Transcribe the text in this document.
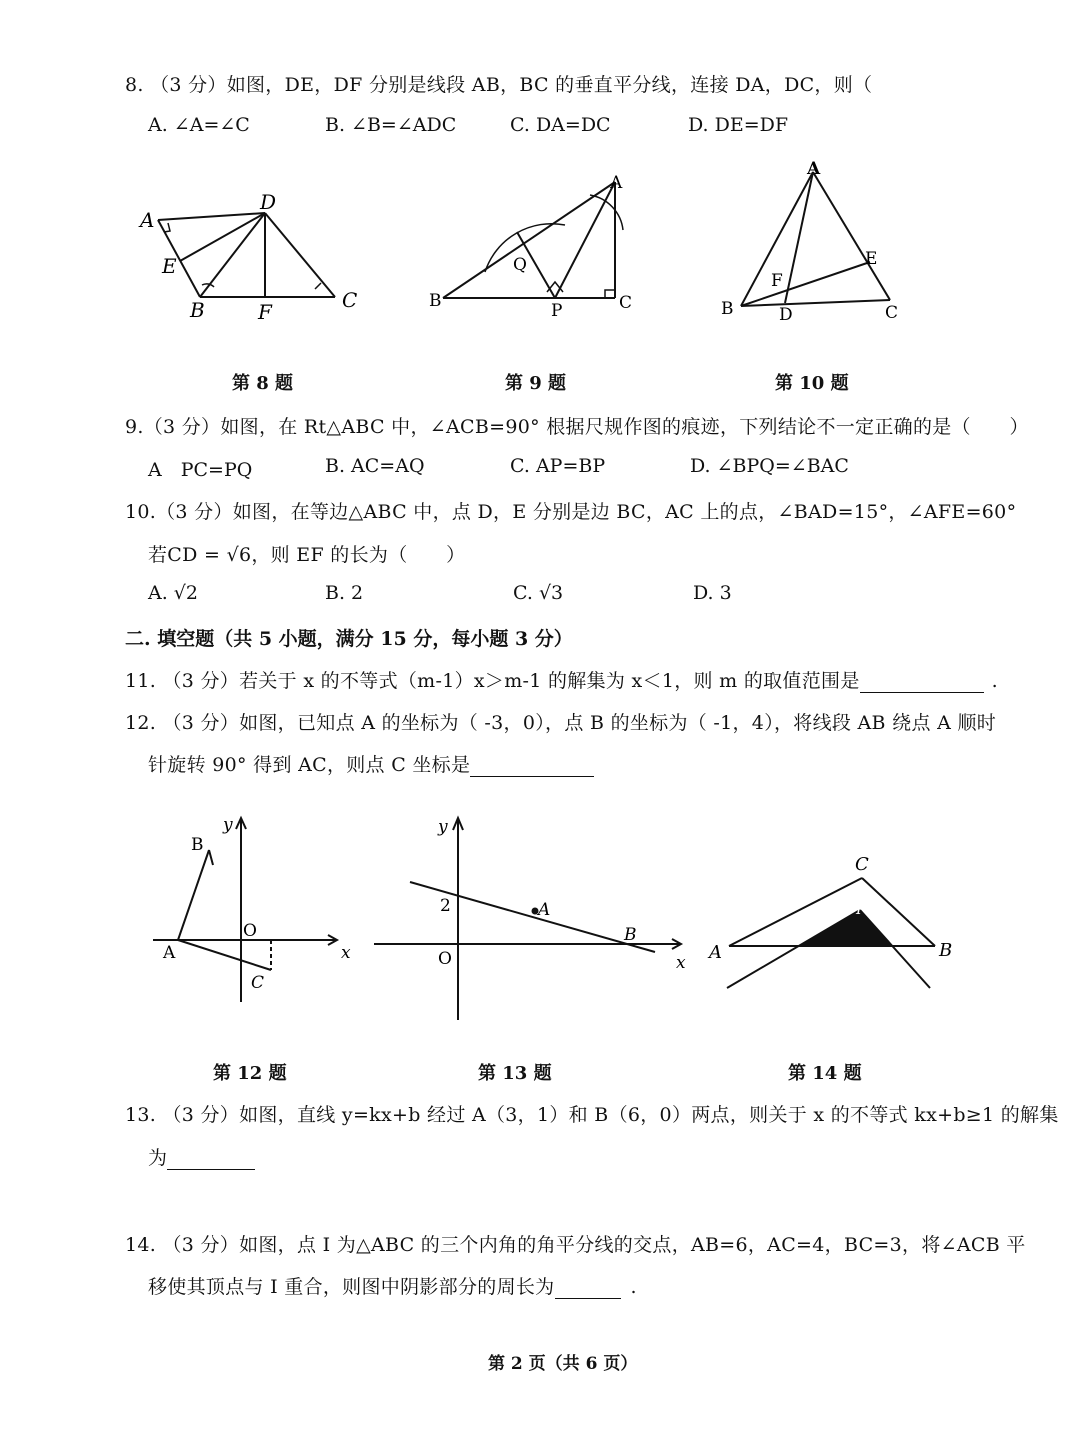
8. （3 分）如图，DE，DF 分别是线段 AB，BC 的垂直平分线，连接 DA，DC，则（
A. ∠A=∠C	B. ∠B=∠ADC	C. DA=DC	D. DE=DF
A
D
E
B	F	C
A
Q
B	P	C
A
E
F
B	D	C
第 8 题	第 9 题	第 10 题
9.（3 分）如图，在 Rt△ABC 中，∠ACB=90° 根据尺规作图的痕迹，下列结论不一定正确的是（　　）
A　PC=PQ	B. AC=AQ	C. AP=BP	D. ∠BPQ=∠BAC
10.（3 分）如图，在等边△ABC 中，点 D，E 分别是边 BC，AC 上的点，∠BAD=15°，∠AFE=60°
若CD = √6，则 EF 的长为（　　）
A. √2	B. 2	C. √3	D. 3
二. 填空题（共 5 小题，满分 15 分，每小题 3 分）
11. （3 分）若关于 x 的不等式（m-1）x＞m-1 的解集为 x＜1，则 m 的取值范围是	.
12. （3 分）如图，已知点 A 的坐标为（ -3，0），点 B 的坐标为（ -1，4），将线段 AB 绕点 A 顺时
针旋转 90° 得到 AC，则点 C 坐标是
y
B
O
A	x
C
y
2	A
B
O	x
C
I
A	B
第 12 题	第 13 题	第 14 题
13. （3 分）如图，直线 y=kx+b 经过 A（3，1）和 B（6，0）两点，则关于 x 的不等式 kx+b≥1 的解集
为
14. （3 分）如图，点 I 为△ABC 的三个内角的角平分线的交点，AB=6，AC=4，BC=3，将∠ACB 平
移使其顶点与 I 重合，则图中阴影部分的周长为	.
第 2 页（共 6 页）
